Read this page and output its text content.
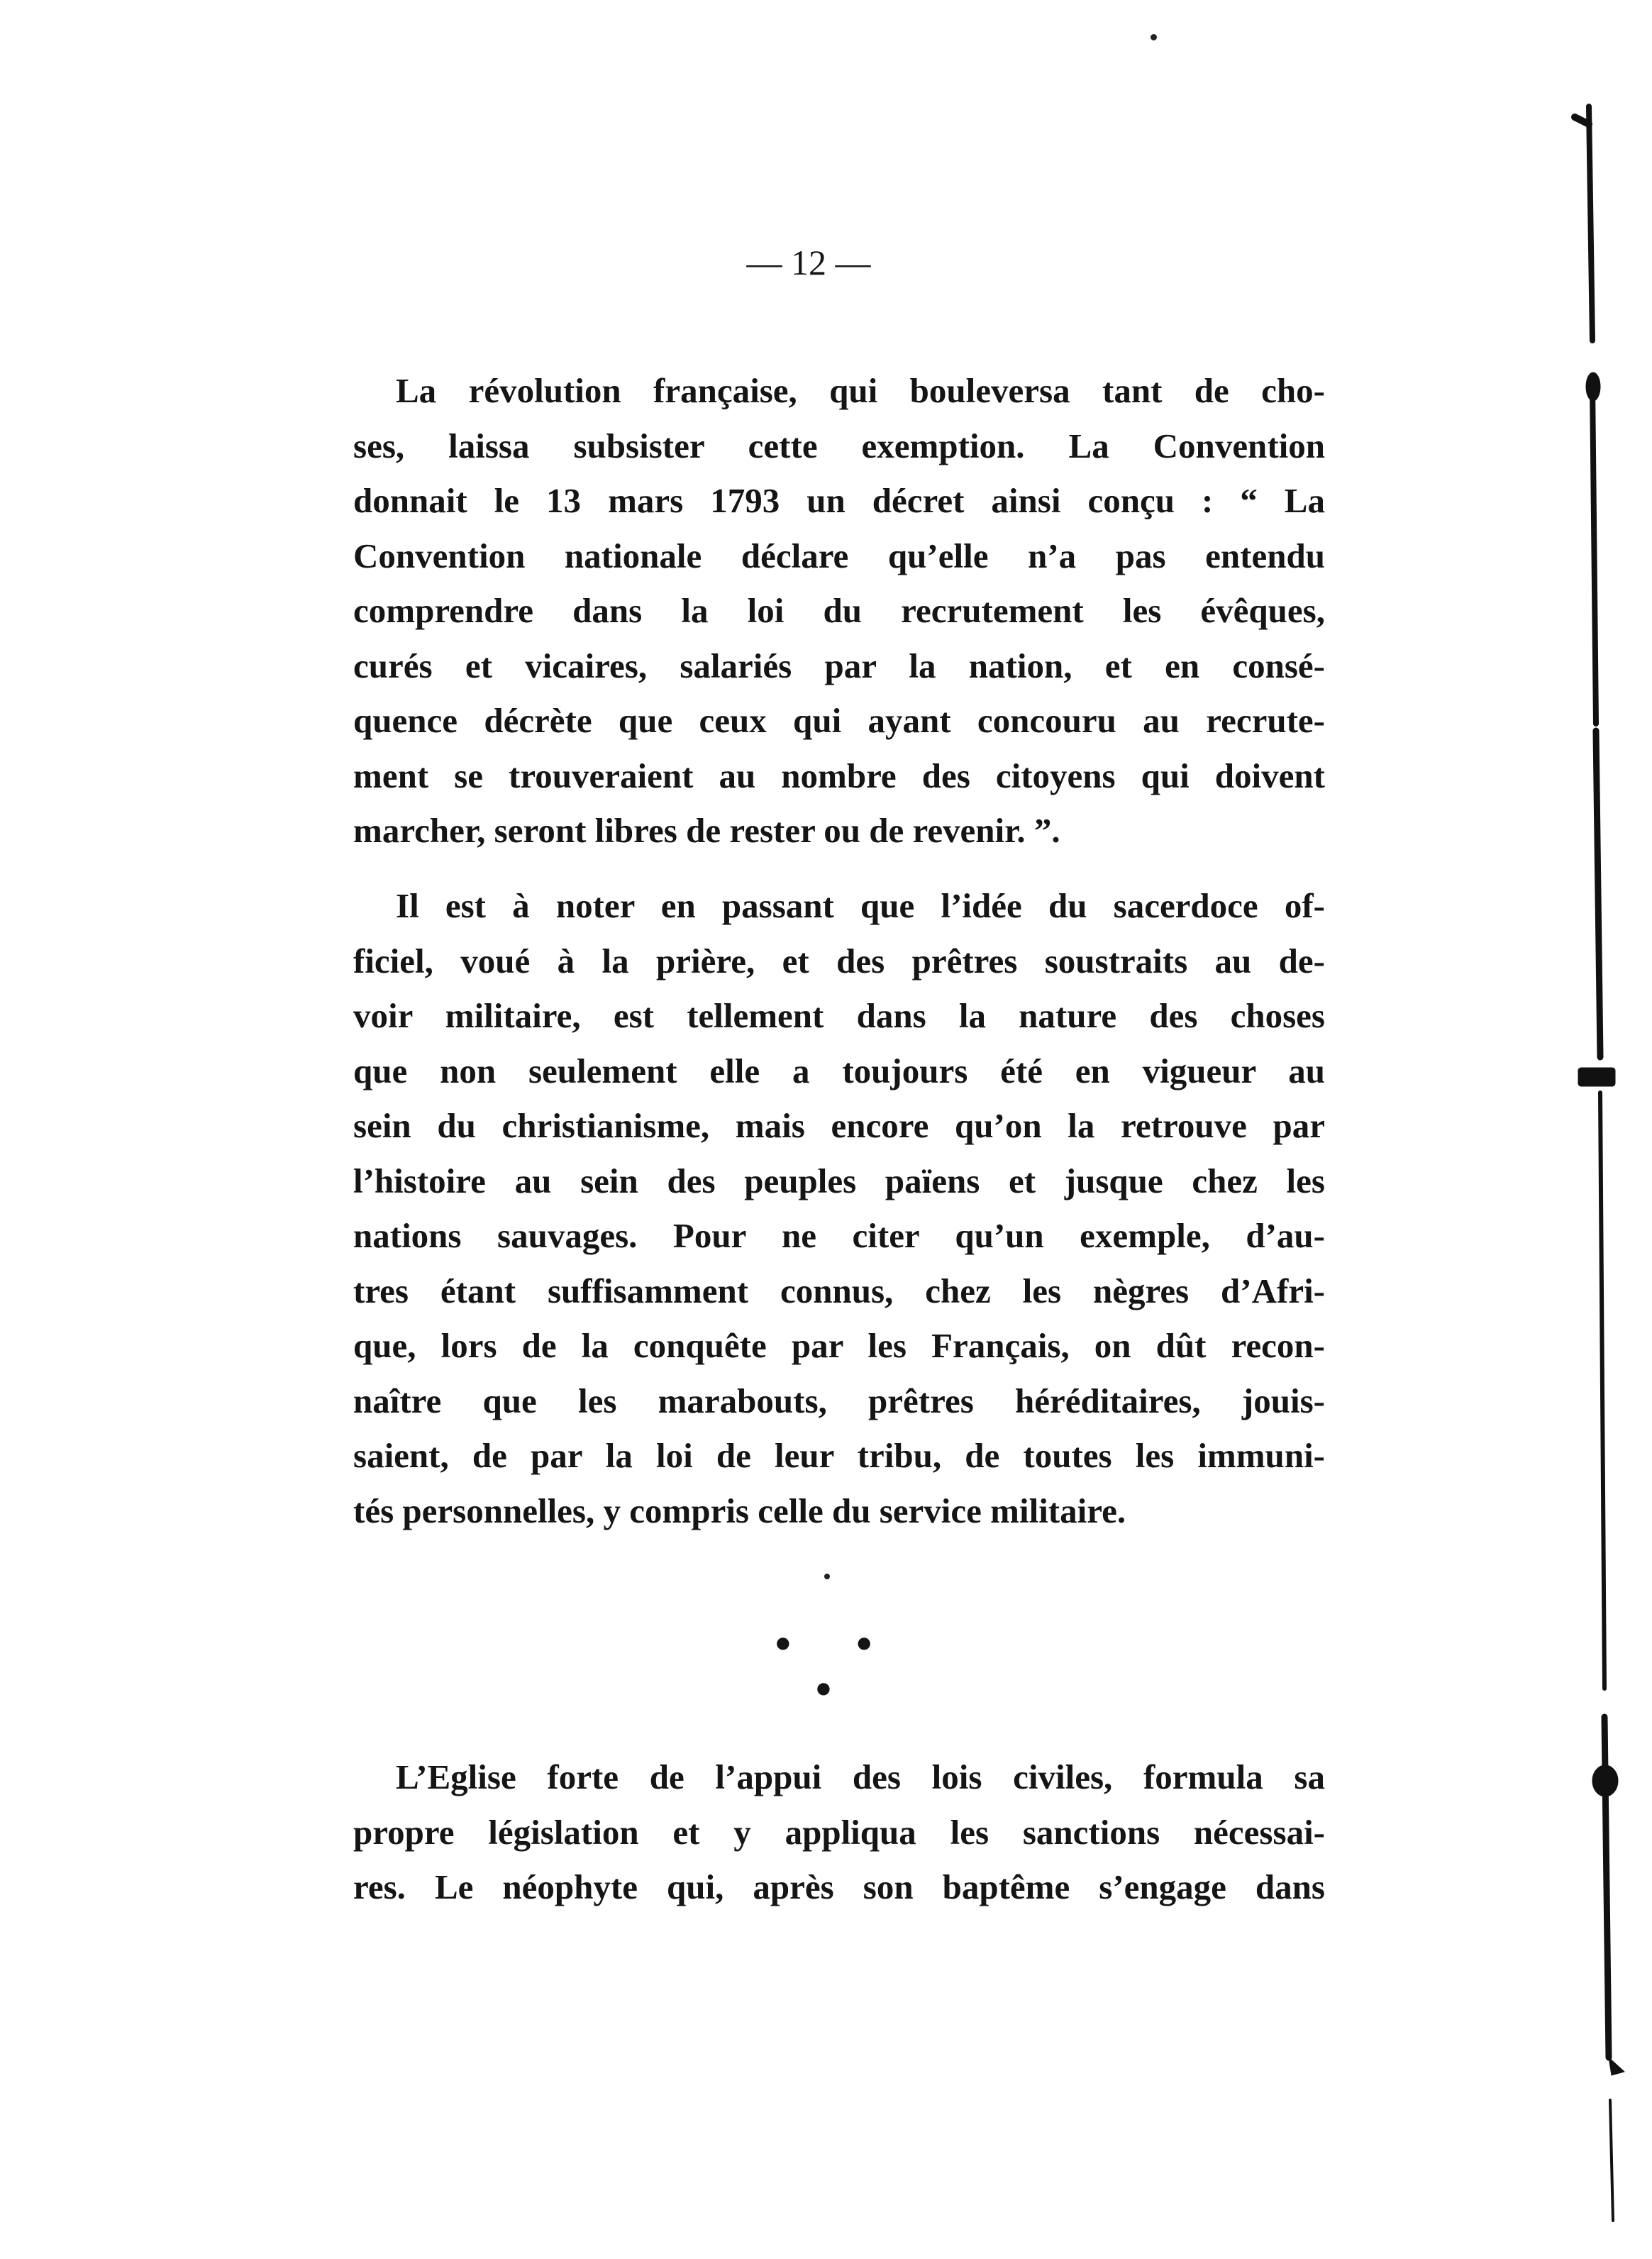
— 12 —
La révolution française, qui bouleversa tant de cho-
ses, laissa subsister cette exemption. La Convention
donnait le 13 mars 1793 un décret ainsi conçu : “ La
Convention nationale déclare qu’elle n’a pas entendu
comprendre dans la loi du recrutement les évêques,
curés et vicaires, salariés par la nation, et en consé-
quence décrète que ceux qui ayant concouru au recrute-
ment se trouveraient au nombre des citoyens qui doivent
marcher, seront libres de rester ou de revenir. ”.
Il est à noter en passant que l’idée du sacerdoce of-
ficiel, voué à la prière, et des prêtres soustraits au de-
voir militaire, est tellement dans la nature des choses
que non seulement elle a toujours été en vigueur au
sein du christianisme, mais encore qu’on la retrouve par
l’histoire au sein des peuples païens et jusque chez les
nations sauvages. Pour ne citer qu’un exemple, d’au-
tres étant suffisamment connus, chez les nègres d’Afri-
que, lors de la conquête par les Français, on dût recon-
naître que les marabouts, prêtres héréditaires, jouis-
saient, de par la loi de leur tribu, de toutes les immuni-
tés personnelles, y compris celle du service militaire.
• • •
L’Eglise forte de l’appui des lois civiles, formula sa
propre législation et y appliqua les sanctions nécessai-
res. Le néophyte qui, après son baptême s’engage dans
